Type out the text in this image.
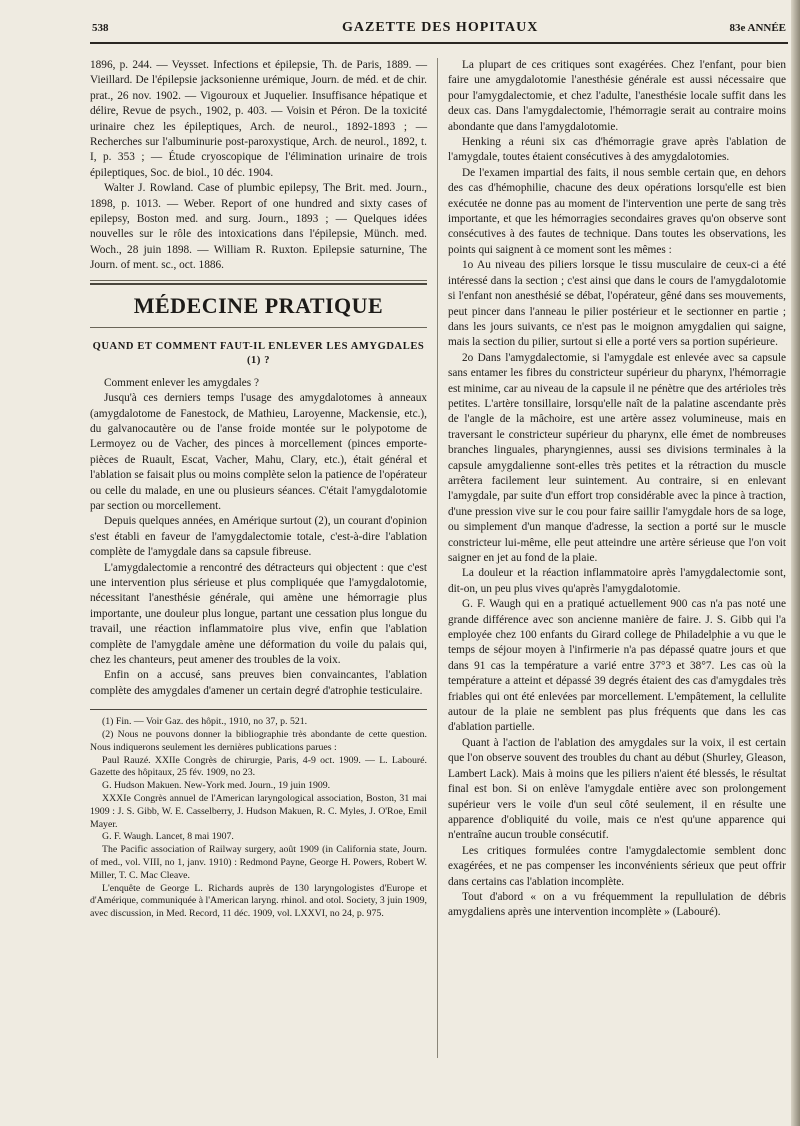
538	GAZETTE DES HOPITAUX	83e ANNÉE

1896, p. 244. — Veysset. Infections et épilepsie, Th. de Paris, 1889. — Vieillard. De l'épilepsie jacksonienne urémique, Journ. de méd. et de chir. prat., 26 nov. 1902. — Vigouroux et Juquelier. Insuffisance hépatique et délire, Revue de psych., 1902, p. 403. — Voisin et Péron. De la toxicité urinaire chez les épileptiques, Arch. de neurol., 1892-1893 ; — Recherches sur l'albuminurie post-paroxystique, Arch. de neurol., 1892, t. I, p. 353 ; — Étude cryoscopique de l'élimination urinaire de trois épileptiques, Soc. de biol., 10 déc. 1904.

Walter J. Rowland. Case of plumbic epilepsy, The Brit. med. Journ., 1898, p. 1013. — Weber. Report of one hundred and sixty cases of epilepsy, Boston med. and surg. Journ., 1893 ; — Quelques idées nouvelles sur le rôle des intoxications dans l'épilepsie, Münch. med. Woch., 28 juin 1898. — William R. Ruxton. Epilepsie saturnine, The Journ. of ment. sc., oct. 1886.

MÉDECINE PRATIQUE
QUAND ET COMMENT FAUT-IL ENLEVER LES AMYGDALES (1) ?

Comment enlever les amygdales ?

Jusqu'à ces derniers temps l'usage des amygdalotomes à anneaux (amygdalotome de Fanestock, de Mathieu, Laroyenne, Mackensie, etc.), du galvanocautère ou de l'anse froide montée sur le polypotome de Lermoyez ou de Vacher, des pinces à morcellement (pinces emporte-pièces de Ruault, Escat, Vacher, Mahu, Clary, etc.), était général et l'ablation se faisait plus ou moins complète selon la patience de l'opérateur ou celle du malade, en une ou plusieurs séances. C'était l'amygdalotomie par section ou morcellement.

Depuis quelques années, en Amérique surtout (2), un courant d'opinion s'est établi en faveur de l'amygdalectomie totale, c'est-à-dire l'ablation complète de l'amygdale dans sa capsule fibreuse.

L'amygdalectomie a rencontré des détracteurs qui objectent : que c'est une intervention plus sérieuse et plus compliquée que l'amygdalotomie, nécessitant l'anesthésie générale, qui amène une hémorragie plus importante, une douleur plus longue, partant une cessation plus longue du travail, une réaction inflammatoire plus vive, enfin que l'ablation complète de l'amygdale amène une déformation du voile du palais qui, chez les chanteurs, peut amener des troubles de la voix.

Enfin on a accusé, sans preuves bien convaincantes, l'ablation complète des amygdales d'amener un certain degré d'atrophie testiculaire.

(1) Fin. — Voir Gaz. des hôpit., 1910, no 37, p. 521.

(2) Nous ne pouvons donner la bibliographie très abondante de cette question. Nous indiquerons seulement les dernières publications parues :

Paul Rauzé. XXIIe Congrès de chirurgie, Paris, 4-9 oct. 1909. — L. Labouré. Gazette des hôpitaux, 25 fév. 1909, no 23.

G. Hudson Makuen. New-York med. Journ., 19 juin 1909.

XXXIe Congrès annuel de l'American laryngological association, Boston, 31 mai 1909 : J. S. Gibb, W. E. Casselberry, J. Hudson Makuen, R. C. Myles, J. O'Roe, Emil Mayer.

G. F. Waugh. Lancet, 8 mai 1907.

The Pacific association of Railway surgery, août 1909 (in California state, Journ. of med., vol. VIII, no 1, janv. 1910) : Redmond Payne, George H. Powers, Robert W. Miller, T. C. Mac Cleave.

L'enquête de George L. Richards auprès de 130 laryngologistes d'Europe et d'Amérique, communiquée à l'American laryng. rhinol. and otol. Society, 3 juin 1909, avec discussion, in Med. Record, 11 déc. 1909, vol. LXXVI, no 24, p. 975.

La plupart de ces critiques sont exagérées. Chez l'enfant, pour bien faire une amygdalotomie l'anesthésie générale est aussi nécessaire que pour l'amygdalectomie, et chez l'adulte, l'anesthésie locale suffit dans les deux cas. Dans l'amygdalectomie, l'hémorragie serait au contraire moins abondante que dans l'amygdalotomie.

Henking a réuni six cas d'hémorragie grave après l'ablation de l'amygdale, toutes étaient consécutives à des amygdalotomies.

De l'examen impartial des faits, il nous semble certain que, en dehors des cas d'hémophilie, chacune des deux opérations lorsqu'elle est bien exécutée ne donne pas au moment de l'intervention une perte de sang très importante, et que les hémorragies secondaires graves qu'on observe sont consécutives à des fautes de technique. Dans toutes les observations, les points qui saignent à ce moment sont les mêmes :

1o Au niveau des piliers lorsque le tissu musculaire de ceux-ci a été intéressé dans la section ; c'est ainsi que dans le cours de l'amygdalotomie si l'enfant non anesthésié se débat, l'opérateur, gêné dans ses mouvements, peut pincer dans l'anneau le pilier postérieur et le sectionner en partie ; dans les jours suivants, ce n'est pas le moignon amygdalien qui saigne, mais la section du pilier, surtout si elle a porté vers sa portion supérieure.

2o Dans l'amygdalectomie, si l'amygdale est enlevée avec sa capsule sans entamer les fibres du constricteur supérieur du pharynx, l'hémorragie est minime, car au niveau de la capsule il ne pénètre que des artérioles très petites. L'artère tonsillaire, lorsqu'elle naît de la palatine ascendante près de l'angle de la mâchoire, est une artère assez volumineuse, mais en traversant le constricteur supérieur du pharynx, elle émet de nombreuses branches linguales, pharyngiennes, aussi ses divisions terminales à la capsule amygdalienne sont-elles très petites et la rétraction du muscle arrêtera facilement leur suintement. Au contraire, si en enlevant l'amygdale, par suite d'un effort trop considérable avec la pince à traction, d'une pression vive sur le cou pour faire saillir l'amygdale hors de sa loge, ou simplement d'un manque d'adresse, la section a porté sur le muscle constricteur lui-même, elle peut atteindre une artère sérieuse que l'on voit saigner en jet au fond de la plaie.

La douleur et la réaction inflammatoire après l'amygdalectomie sont, dit-on, un peu plus vives qu'après l'amygdalotomie.

G. F. Waugh qui en a pratiqué actuellement 900 cas n'a pas noté une grande différence avec son ancienne manière de faire. J. S. Gibb qui l'a employée chez 100 enfants du Girard college de Philadelphie a vu que le temps de séjour moyen à l'infirmerie n'a pas dépassé quatre jours et que dans 91 cas la température a varié entre 37°3 et 38°7. Les cas où la température a atteint et dépassé 39 degrés étaient des cas d'amygdales très friables qui ont été enlevées par morcellement. L'empâtement, la cellulite autour de la plaie ne semblent pas plus fréquents que dans les cas d'ablation partielle.

Quant à l'action de l'ablation des amygdales sur la voix, il est certain que l'on observe souvent des troubles du chant au début (Shurley, Gleason, Lambert Lack). Mais à moins que les piliers n'aient été blessés, le résultat final est bon. Si on enlève l'amygdale entière avec son prolongement supérieur vers le voile d'un seul côté seulement, il en résulte une apparence d'obliquité du voile, mais ce n'est qu'une apparence qui n'entraîne aucun trouble consécutif.

Les critiques formulées contre l'amygdalectomie semblent donc exagérées, et ne pas compenser les inconvénients sérieux que peut offrir dans certains cas l'ablation incomplète.

Tout d'abord « on a vu fréquemment la repullulation de débris amygdaliens après une intervention incomplète » (Labouré).
